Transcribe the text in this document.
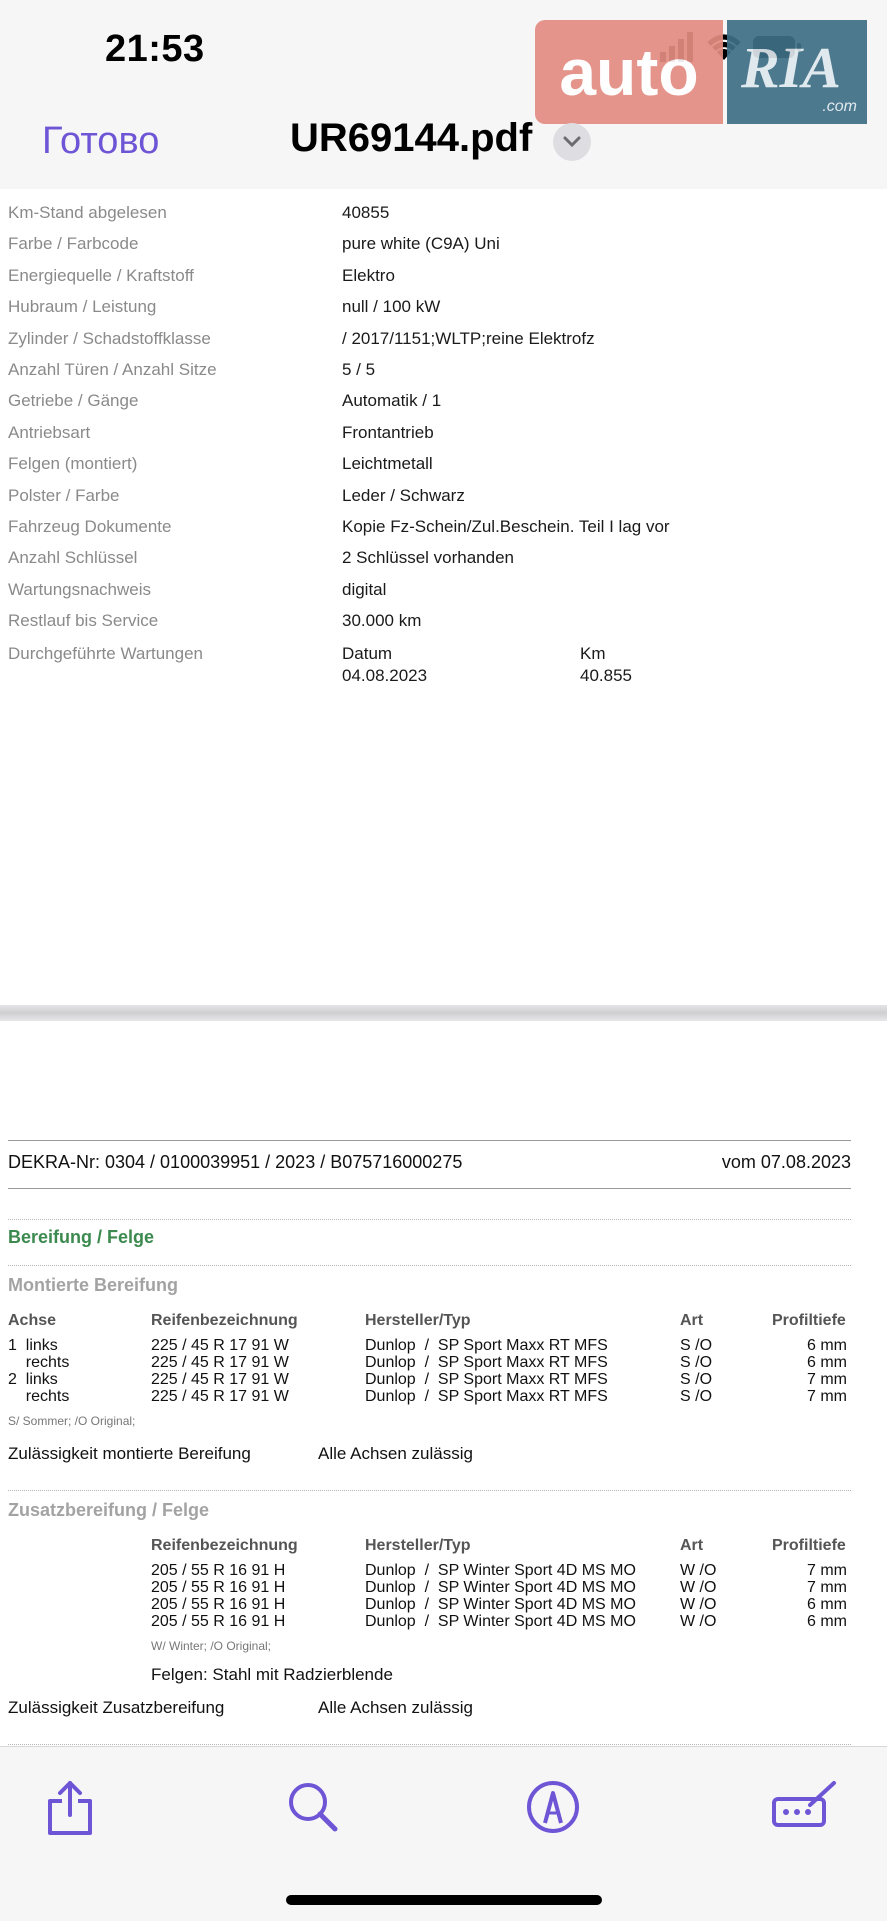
21:53	auto RIA
.com
Готово	UR69144.pdf
Km-Stand abgelesen	40855
Farbe / Farbcode	pure white (C9A) Uni
Energiequelle / Kraftstoff	Elektro
Hubraum / Leistung	null / 100 kW
Zylinder / Schadstoffklasse	/ 2017/1151;WLTP;reine Elektrofz
Anzahl Türen / Anzahl Sitze	5 / 5
Getriebe / Gänge	Automatik / 1
Antriebsart	Frontantrieb
Felgen (montiert)	Leichtmetall
Polster / Farbe	Leder / Schwarz
Fahrzeug Dokumente	Kopie Fz-Schein/Zul.Beschein. Teil I lag vor
Anzahl Schlüssel	2 Schlüssel vorhanden
Wartungsnachweis	digital
Restlauf bis Service	30.000 km
Durchgeführte Wartungen	Datum	Km
04.08.2023	40.855
DEKRA-Nr: 0304 / 0100039951 / 2023 / B075716000275	vom 07.08.2023
Bereifung / Felge
Montierte Bereifung
Achse	Reifenbezeichnung	Hersteller/Typ	Art	Profiltiefe
1  links	225 / 45 R 17 91 W	Dunlop  /  SP Sport Maxx RT MFS	S /O	6 mm
rechts	225 / 45 R 17 91 W	Dunlop  /  SP Sport Maxx RT MFS	S /O	6 mm
2  links	225 / 45 R 17 91 W	Dunlop  /  SP Sport Maxx RT MFS	S /O	7 mm
rechts	225 / 45 R 17 91 W	Dunlop  /  SP Sport Maxx RT MFS	S /O	7 mm
S/ Sommer; /O Original;
Zulässigkeit montierte Bereifung	Alle Achsen zulässig
Zusatzbereifung / Felge
Reifenbezeichnung	Hersteller/Typ	Art	Profiltiefe
205 / 55 R 16 91 H	Dunlop  /  SP Winter Sport 4D MS MO	W /O	7 mm
205 / 55 R 16 91 H	Dunlop  /  SP Winter Sport 4D MS MO	W /O	7 mm
205 / 55 R 16 91 H	Dunlop  /  SP Winter Sport 4D MS MO	W /O	6 mm
205 / 55 R 16 91 H	Dunlop  /  SP Winter Sport 4D MS MO	W /O	6 mm
W/ Winter; /O Original;
Felgen: Stahl mit Radzierblende
Zulässigkeit Zusatzbereifung	Alle Achsen zulässig
